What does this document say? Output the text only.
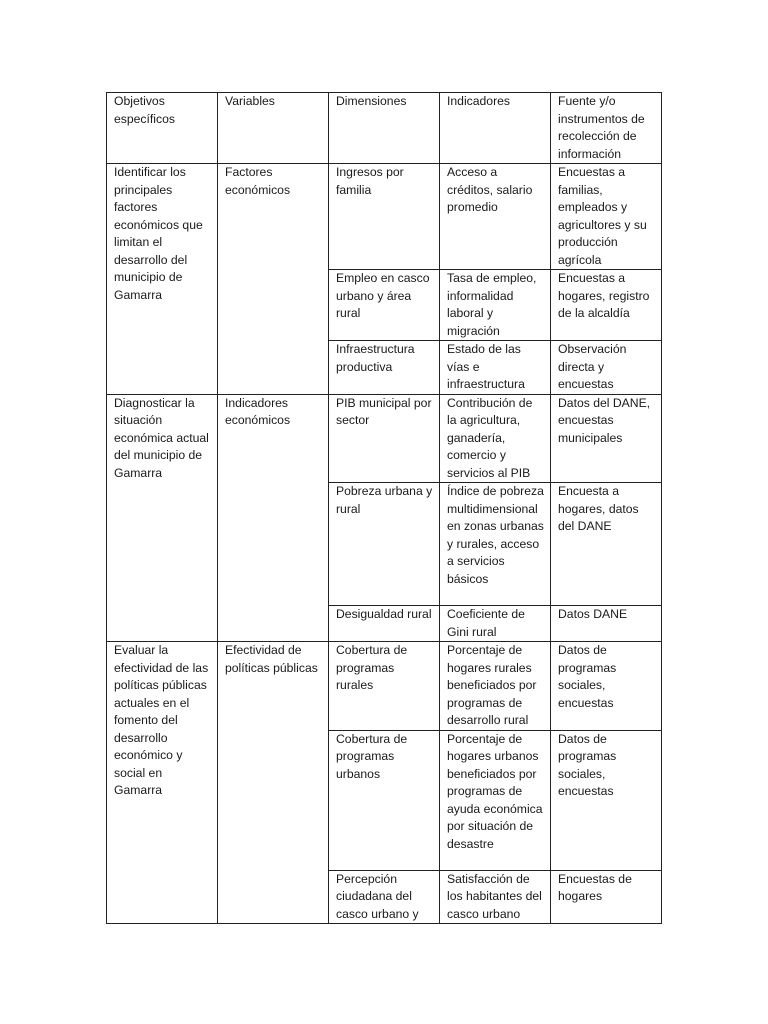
Objetivos específicos	Variables	Dimensiones	Indicadores	Fuente y/o instrumentos de recolección de información
Identificar los principales factores económicos que limitan el desarrollo del municipio de Gamarra	Factores económicos	Ingresos por familia	Acceso a créditos, salario promedio	Encuestas a familias, empleados y agricultores y su producción agrícola
		Empleo en casco urbano y área rural	Tasa de empleo, informalidad laboral y migración	Encuestas a hogares, registro de la alcaldía
		Infraestructura productiva	Estado de las vías e infraestructura	Observación directa y encuestas
Diagnosticar la situación económica actual del municipio de Gamarra	Indicadores económicos	PIB municipal por sector	Contribución de la agricultura, ganadería, comercio y servicios al PIB	Datos del DANE, encuestas municipales
		Pobreza urbana y rural	Índice de pobreza multidimensional en zonas urbanas y rurales, acceso a servicios básicos	Encuesta a hogares, datos del DANE
		Desigualdad rural	Coeficiente de Gini rural	Datos DANE
Evaluar la efectividad de las políticas públicas actuales en el fomento del desarrollo económico y social en Gamarra	Efectividad de políticas públicas	Cobertura de programas rurales	Porcentaje de hogares rurales beneficiados por programas de desarrollo rural	Datos de programas sociales, encuestas
		Cobertura de programas urbanos	Porcentaje de hogares urbanos beneficiados por programas de ayuda económica por situación de desastre	Datos de programas sociales, encuestas
		Percepción ciudadana del casco urbano y	Satisfacción de los habitantes del casco urbano	Encuestas de hogares
